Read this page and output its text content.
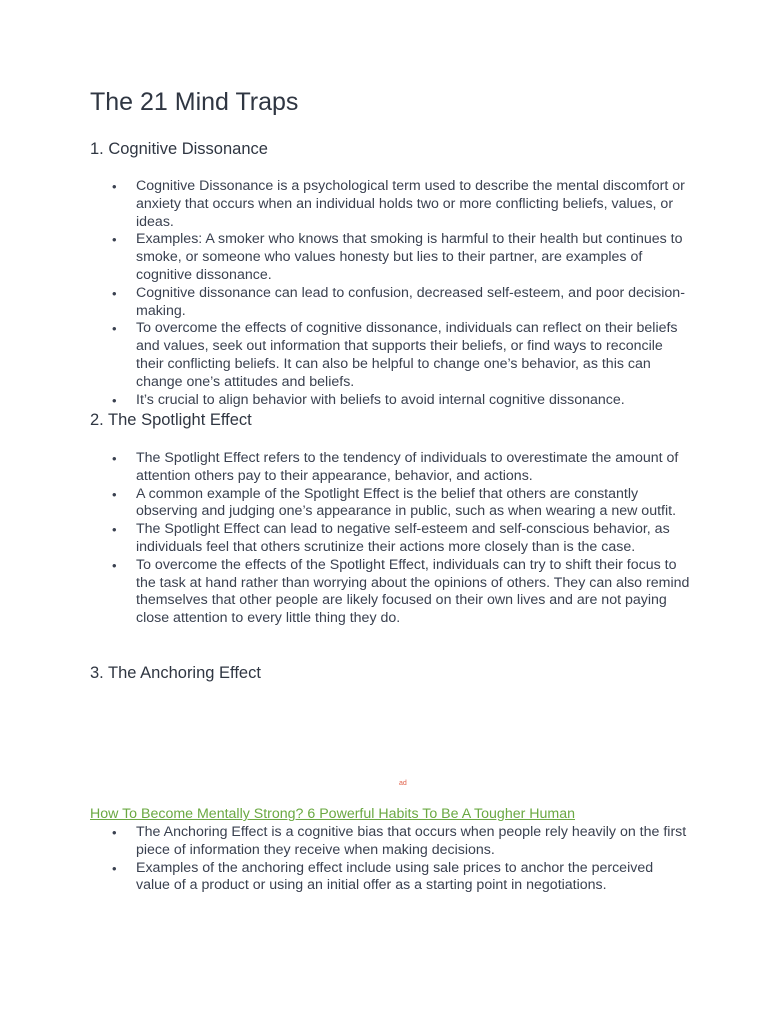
The 21 Mind Traps
1. Cognitive Dissonance
• Cognitive Dissonance is a psychological term used to describe the mental discomfort or anxiety that occurs when an individual holds two or more conflicting beliefs, values, or ideas.
• Examples: A smoker who knows that smoking is harmful to their health but continues to smoke, or someone who values honesty but lies to their partner, are examples of cognitive dissonance.
• Cognitive dissonance can lead to confusion, decreased self-esteem, and poor decision-making.
• To overcome the effects of cognitive dissonance, individuals can reflect on their beliefs and values, seek out information that supports their beliefs, or find ways to reconcile their conflicting beliefs. It can also be helpful to change one’s behavior, as this can change one’s attitudes and beliefs.
• It’s crucial to align behavior with beliefs to avoid internal cognitive dissonance.
2. The Spotlight Effect
• The Spotlight Effect refers to the tendency of individuals to overestimate the amount of attention others pay to their appearance, behavior, and actions.
• A common example of the Spotlight Effect is the belief that others are constantly observing and judging one’s appearance in public, such as when wearing a new outfit.
• The Spotlight Effect can lead to negative self-esteem and self-conscious behavior, as individuals feel that others scrutinize their actions more closely than is the case.
• To overcome the effects of the Spotlight Effect, individuals can try to shift their focus to the task at hand rather than worrying about the opinions of others. They can also remind themselves that other people are likely focused on their own lives and are not paying close attention to every little thing they do.
3. The Anchoring Effect
ad
How To Become Mentally Strong? 6 Powerful Habits To Be A Tougher Human
• The Anchoring Effect is a cognitive bias that occurs when people rely heavily on the first piece of information they receive when making decisions.
• Examples of the anchoring effect include using sale prices to anchor the perceived value of a product or using an initial offer as a starting point in negotiations.
